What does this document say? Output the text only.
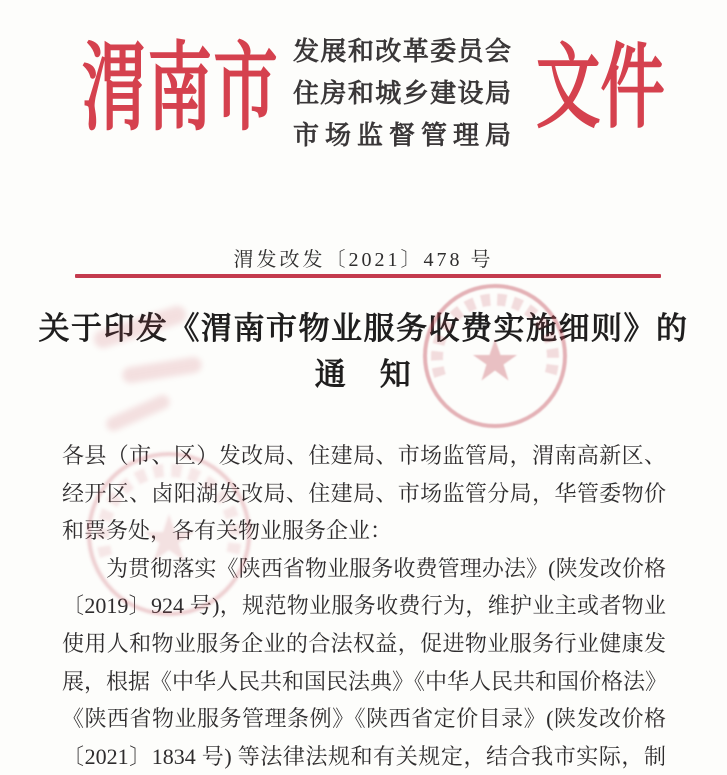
渭南市 发展和改革委员会
住房和城乡建设局
市场监督管理局 文件
渭发改发〔2021〕478 号
关于印发《渭南市物业服务收费实施细则》的
通　知
各县（市、区）发改局、住建局、市场监管局，渭南高新区、
经开区、卤阳湖发改局、住建局、市场监管分局，华管委物价
和票务处，各有关物业服务企业：
为贯彻落实《陕西省物业服务收费管理办法》(陕发改价格
〔2019〕924 号)，规范物业服务收费行为，维护业主或者物业
使用人和物业服务企业的合法权益，促进物业服务行业健康发
展，根据《中华人民共和国民法典》《中华人民共和国价格法》
《陕西省物业服务管理条例》《陕西省定价目录》(陕发改价格
〔2021〕1834 号) 等法律法规和有关规定，结合我市实际，制
